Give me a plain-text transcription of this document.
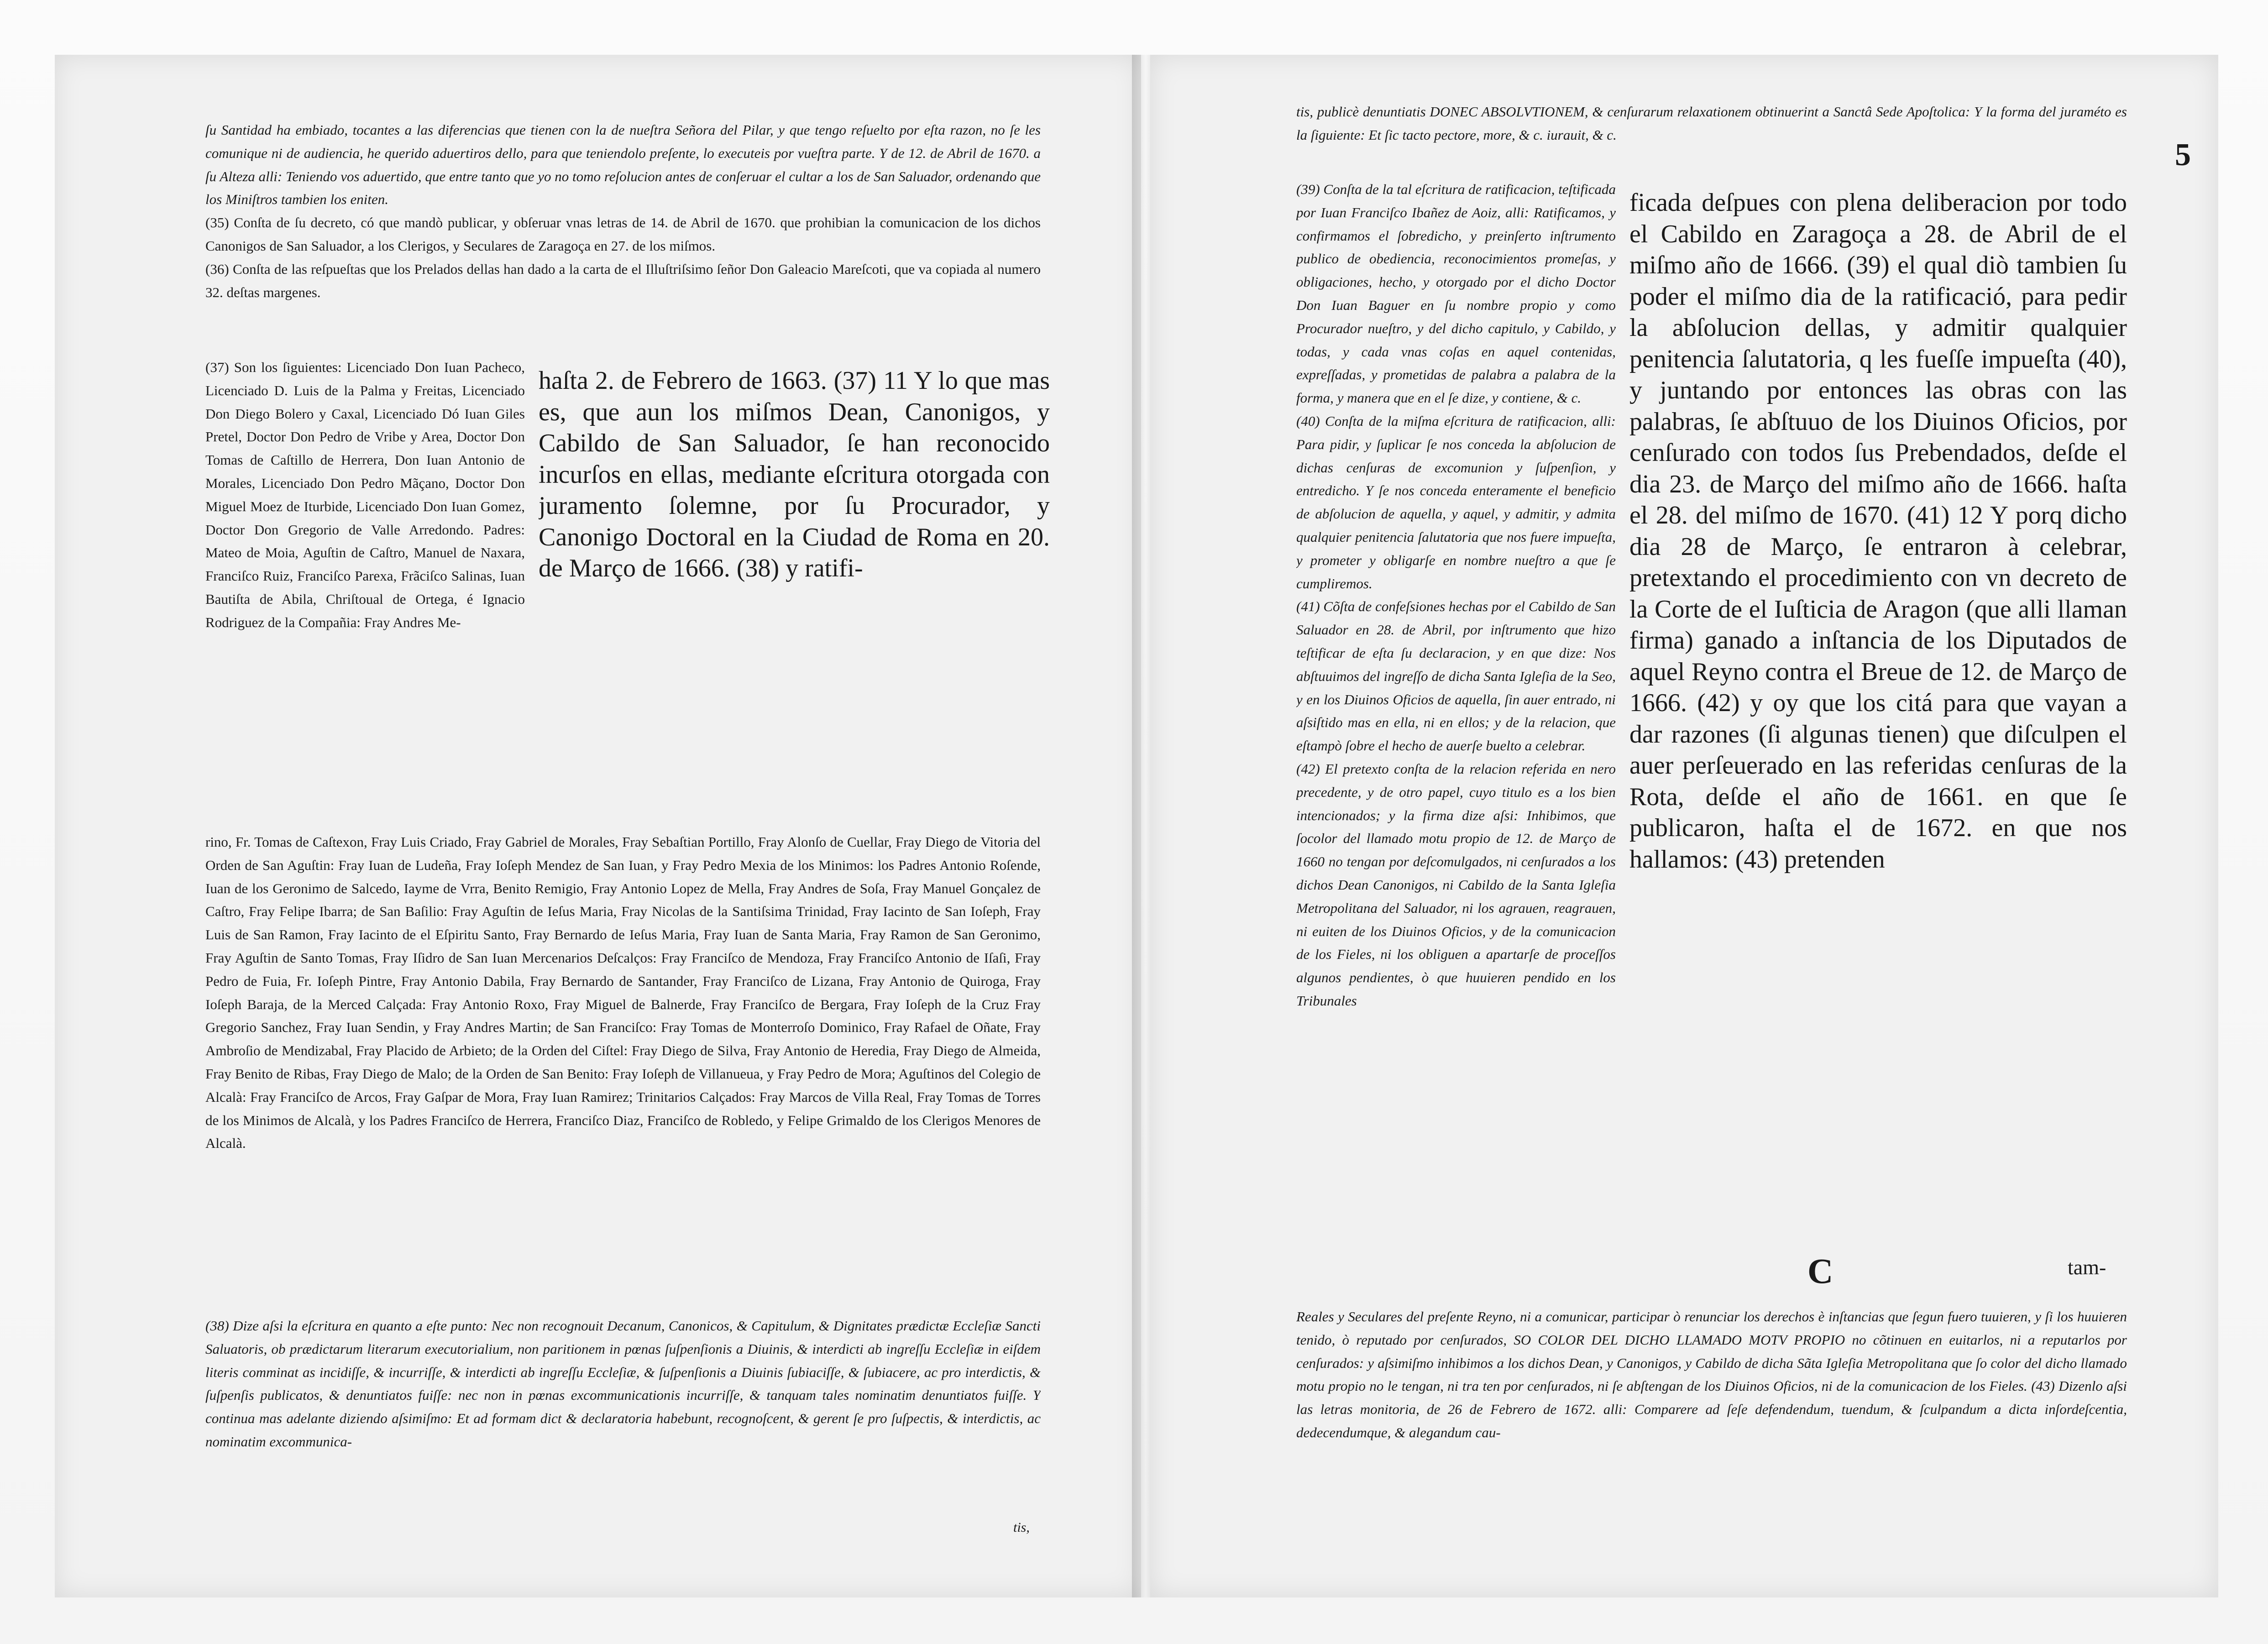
ſu Santidad ha embiado, tocantes a las diferencias que tienen con la de nueſtra Señora del Pilar, y que tengo reſuelto por eſta razon, no ſe les comunique ni de audiencia, he querido aduertiros dello, para que teniendolo preſente, lo executeis por vueſtra parte. Y de 12. de Abril de 1670. a ſu Alteza alli: Teniendo vos aduertido, que entre tanto que yo no tomo reſolucion antes de conſeruar el cultar a los de San Saluador, ordenando que los Miniſtros tambien los eniten.

(35) Conſta de ſu decreto, có que mandò publicar, y obſeruar vnas letras de 14. de Abril de 1670. que prohibian la comunicacion de los dichos Canonigos de San Saluador, a los Clerigos, y Seculares de Zaragoça en 27. de los miſmos.

(36) Conſta de las reſpueſtas que los Prelados dellas han dado a la carta de el Illuſtriſsimo ſeñor Don Galeacio Mareſcoti, que va copiada al numero 32. deſtas margenes.

(37) Son los ſiguientes: Licenciado Don Iuan Pacheco, Licenciado D. Luis de la Palma y Freitas, Licenciado Don Diego Bolero y Caxal, Licenciado Dó Iuan Giles Pretel, Doctor Don Pedro de Vribe y Area, Doctor Don Tomas de Caſtillo de Herrera, Don Iuan Antonio de Morales, Licenciado Don Pedro Mãçano, Doctor Don Miguel Moez de Iturbide, Licenciado Don Iuan Gomez, Doctor Don Gregorio de Valle Arredondo. Padres: Mateo de Moia, Aguſtin de Caſtro, Manuel de Naxara, Franciſco Ruiz, Franciſco Parexa, Frãciſco Salinas, Iuan Bautiſta de Abila, Chriſtoual de Ortega, é Ignacio Rodriguez de la Compañia: Fray Andres Me-

haſta 2. de Febrero de 1663. (37) 11 Y lo que mas es, que aun los miſmos Dean, Canonigos, y Cabildo de San Saluador, ſe han reconocido incurſos en ellas, mediante eſcritura otorgada con juramento ſolemne, por ſu Procurador, y Canonigo Doctoral en la Ciudad de Roma en 20. de Março de 1666. (38) y ratifi-

rino, Fr. Tomas de Caſtexon, Fray Luis Criado, Fray Gabriel de Morales, Fray Sebaſtian Portillo, Fray Alonſo de Cuellar, Fray Diego de Vitoria del Orden de San Aguſtin: Fray Iuan de Ludeña, Fray Ioſeph Mendez de San Iuan, y Fray Pedro Mexia de los Minimos: los Padres Antonio Roſende, Iuan de los Geronimo de Salcedo, Iayme de Vrra, Benito Remigio, Fray Antonio Lopez de Mella, Fray Andres de Soſa, Fray Manuel Gonçalez de Caſtro, Fray Felipe Ibarra; de San Baſilio: Fray Aguſtin de Ieſus Maria, Fray Nicolas de la Santiſsima Trinidad, Fray Iacinto de San Ioſeph, Fray Luis de San Ramon, Fray Iacinto de el Eſpiritu Santo, Fray Bernardo de Ieſus Maria, Fray Iuan de Santa Maria, Fray Ramon de San Geronimo, Fray Aguſtin de Santo Tomas, Fray Iſidro de San Iuan Mercenarios Deſcalços: Fray Franciſco de Mendoza, Fray Franciſco Antonio de Iſaſi, Fray Pedro de Fuia, Fr. Ioſeph Pintre, Fray Antonio Dabila, Fray Bernardo de Santander, Fray Franciſco de Lizana, Fray Antonio de Quiroga, Fray Ioſeph Baraja, de la Merced Calçada: Fray Antonio Roxo, Fray Miguel de Balnerde, Fray Franciſco de Bergara, Fray Ioſeph de la Cruz Fray Gregorio Sanchez, Fray Iuan Sendin, y Fray Andres Martin; de San Franciſco: Fray Tomas de Monterroſo Dominico, Fray Rafael de Oñate, Fray Ambroſio de Mendizabal, Fray Placido de Arbieto; de la Orden del Ciſtel: Fray Diego de Silva, Fray Antonio de Heredia, Fray Diego de Almeida, Fray Benito de Ribas, Fray Diego de Malo; de la Orden de San Benito: Fray Ioſeph de Villanueua, y Fray Pedro de Mora; Aguſtinos del Colegio de Alcalà: Fray Franciſco de Arcos, Fray Gaſpar de Mora, Fray Iuan Ramirez; Trinitarios Calçados: Fray Marcos de Villa Real, Fray Tomas de Torres de los Minimos de Alcalà, y los Padres Franciſco de Herrera, Franciſco Diaz, Franciſco de Robledo, y Felipe Grimaldo de los Clerigos Menores de Alcalà.

(38) Dize aſsi la eſcritura en quanto a eſte punto: Nec non recognouit Decanum, Canonicos, & Capitulum, & Dignitates prædictæ Eccleſiæ Sancti Saluatoris, ob prædictarum literarum executorialium, non paritionem in pœnas ſuſpenſionis a Diuinis, & interdicti ab ingreſſu Eccleſiæ in eiſdem literis comminat as incidiſſe, & incurriſſe, & interdicti ab ingreſſu Eccleſiæ, & ſuſpenſionis a Diuinis ſubiaciſſe, & ſubiacere, ac pro interdictis, & ſuſpenſis publicatos, & denuntiatos fuiſſe: nec non in pœnas excommunicationis incurriſſe, & tanquam tales nominatim denuntiatos fuiſſe. Y continua mas adelante diziendo aſsimiſmo: Et ad formam dict & declaratoria habebunt, recognoſcent, & gerent ſe pro ſuſpectis, & interdictis, ac nominatim excommunica-

tis,
5

tis, publicè denuntiatis DONEC ABSOLVTIONEM, & cenſurarum relaxationem obtinuerint a Sanctâ Sede Apoſtolica: Y la forma del juraméto es la ſiguiente: Et ſic tacto pectore, more, & c. iurauit, & c.

(39) Conſta de la tal eſcritura de ratificacion, teſtificada por Iuan Franciſco Ibañez de Aoiz, alli: Ratificamos, y confirmamos el ſobredicho, y preinſerto inſtrumento publico de obediencia, reconocimientos promeſas, y obligaciones, hecho, y otorgado por el dicho Doctor Don Iuan Baguer en ſu nombre propio y como Procurador nueſtro, y del dicho capitulo, y Cabildo, y todas, y cada vnas coſas en aquel contenidas, expreſſadas, y prometidas de palabra a palabra de la forma, y manera que en el ſe dize, y contiene, & c.

(40) Conſta de la miſma eſcritura de ratificacion, alli: Para pidir, y ſuplicar ſe nos conceda la abſolucion de dichas cenſuras de excomunion y ſuſpenſion, y entredicho. Y ſe nos conceda enteramente el beneficio de abſolucion de aquella, y aquel, y admitir, y admita qualquier penitencia ſalutatoria que nos fuere impueſta, y prometer y obligarſe en nombre nueſtro a que ſe cumpliremos.

(41) Cõſta de confeſsiones hechas por el Cabildo de San Saluador en 28. de Abril, por inſtrumento que hizo teſtificar de eſta ſu declaracion, y en que dize: Nos abſtuuimos del ingreſſo de dicha Santa Igleſia de la Seo, y en los Diuinos Oficios de aquella, ſin auer entrado, ni aſsiſtido mas en ella, ni en ellos; y de la relacion, que eſtampò ſobre el hecho de auerſe buelto a celebrar.

(42) El pretexto conſta de la relacion referida en nero precedente, y de otro papel, cuyo titulo es a los bien intencionados; y la firma dize aſsi: Inhibimos, que ſocolor del llamado motu propio de 12. de Março de 1660 no tengan por deſcomulgados, ni cenſurados a los dichos Dean Canonigos, ni Cabildo de la Santa Igleſia Metropolitana del Saluador, ni los agrauen, reagrauen, ni euiten de los Diuinos Oficios, y de la comunicacion de los Fieles, ni los obliguen a apartarſe de proceſſos algunos pendientes, ò que huuieren pendido en los Tribunales

ficada deſpues con plena deliberacion por todo el Cabildo en Zaragoça a 28. de Abril de el miſmo año de 1666. (39) el qual diò tambien ſu poder el miſmo dia de la ratificació, para pedir la abſolucion dellas, y admitir qualquier penitencia ſalutatoria, q les fueſſe impueſta (40), y juntando por entonces las obras con las palabras, ſe abſtuuo de los Diuinos Oficios, por cenſurado con todos ſus Prebendados, deſde el dia 23. de Março del miſmo año de 1666. haſta el 28. del miſmo de 1670. (41) 12 Y porq dicho dia 28 de Março, ſe entraron à celebrar, pretextando el procedimiento con vn decreto de la Corte de el Iuſticia de Aragon (que alli llaman firma) ganado a inſtancia de los Diputados de aquel Reyno contra el Breue de 12. de Março de 1666. (42) y oy que los citá para que vayan a dar razones (ſi algunas tienen) que diſculpen el auer perſeuerado en las referidas cenſuras de la Rota, deſde el año de 1661. en que ſe publicaron, haſta el de 1672. en que nos hallamos: (43) pretenden

C	tam-

Reales y Seculares del preſente Reyno, ni a comunicar, participar ò renunciar los derechos è inſtancias que ſegun fuero tuuieren, y ſi los huuieren tenido, ò reputado por cenſurados, SO COLOR DEL DICHO LLAMADO MOTV PROPIO no cõtinuen en euitarlos, ni a reputarlos por cenſurados: y aſsimiſmo inhibimos a los dichos Dean, y Canonigos, y Cabildo de dicha Sãta Igleſia Metropolitana que ſo color del dicho llamado motu propio no le tengan, ni tra ten por cenſurados, ni ſe abſtengan de los Diuinos Oficios, ni de la comunicacion de los Fieles. (43) Dizenlo aſsi las letras monitoria, de 26 de Febrero de 1672. alli: Comparere ad ſeſe defendendum, tuendum, & ſculpandum a dicta inſordeſcentia, dedecendumque, & alegandum cau-
